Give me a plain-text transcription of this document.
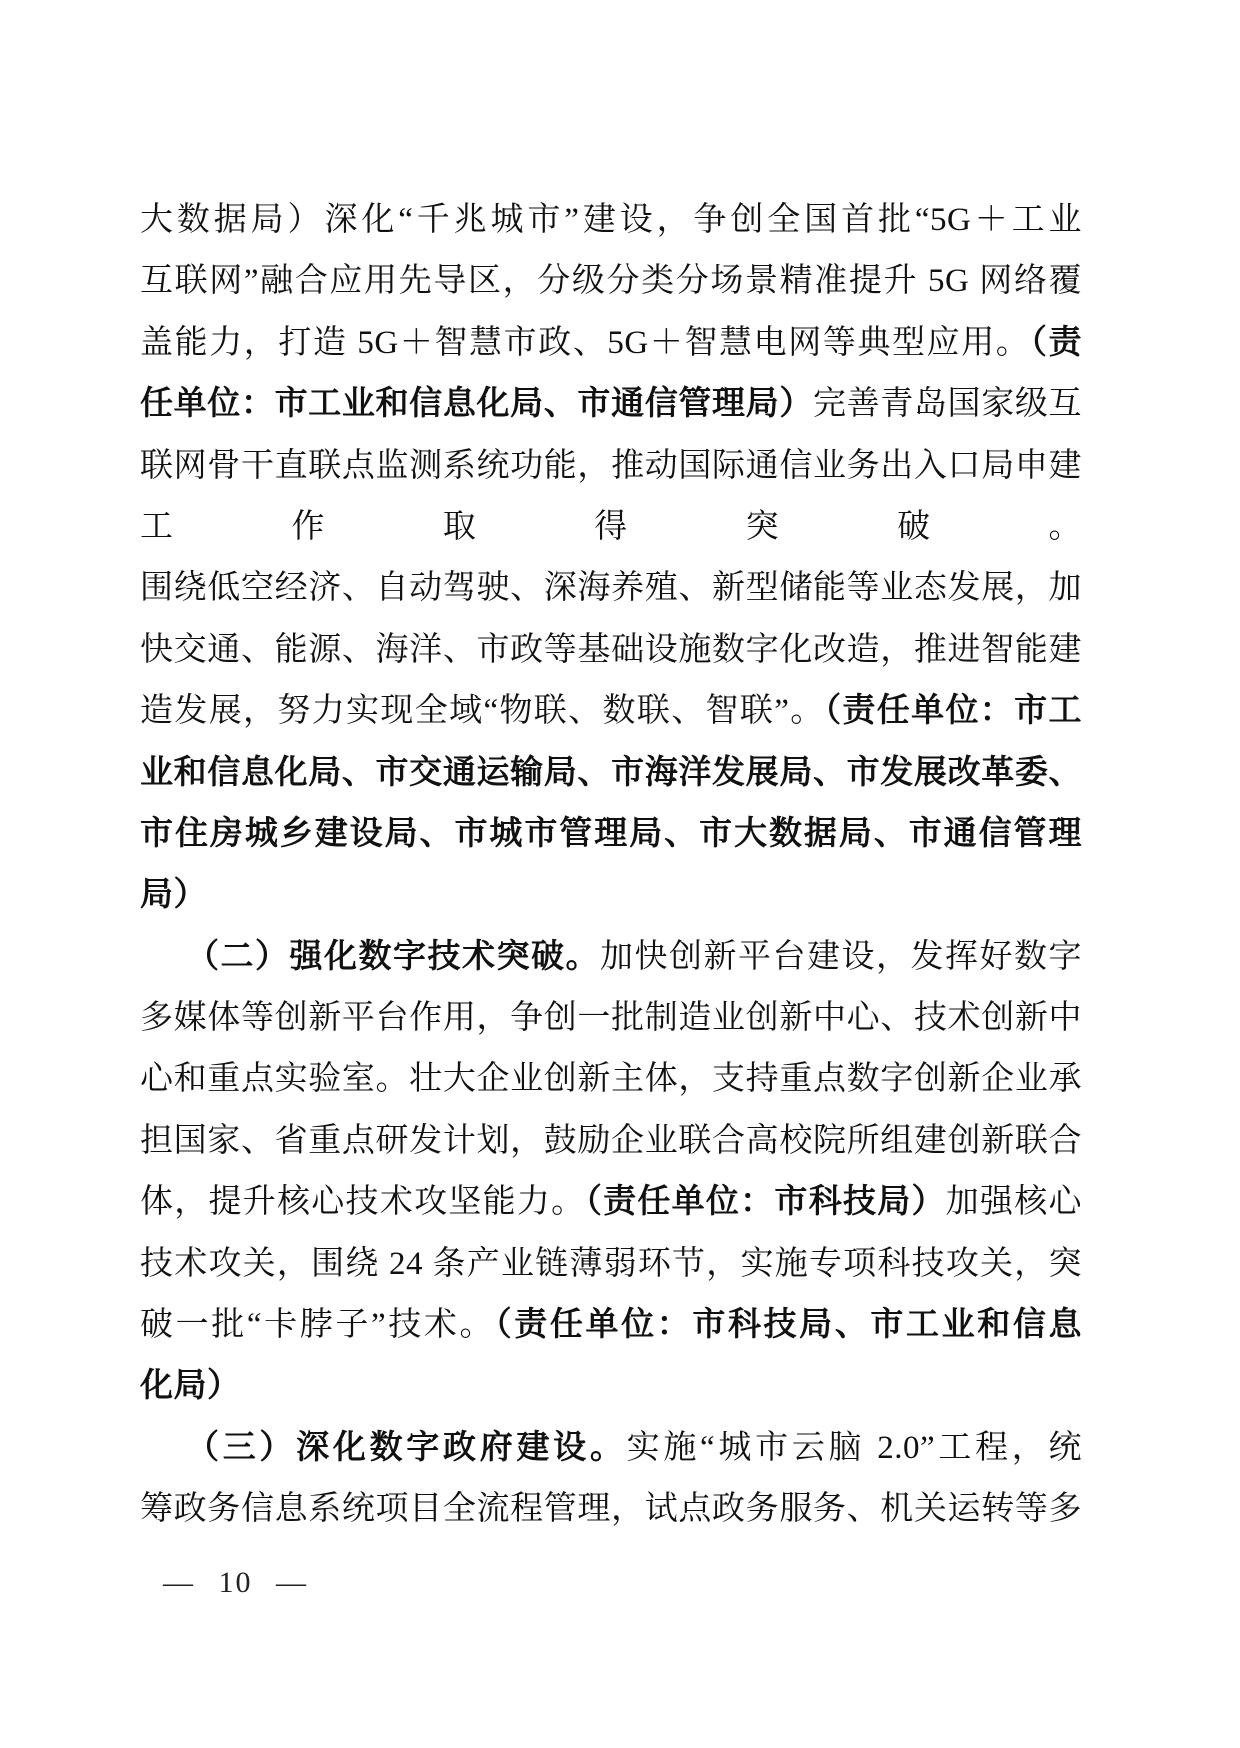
大数据局）深化“千兆城市”建设，争创全国首批“5G＋工业
互联网”融合应用先导区，分级分类分场景精准提升 5G 网络覆
盖能力，打造 5G＋智慧市政、5G＋智慧电网等典型应用。（责
任单位：市工业和信息化局、市通信管理局）完善青岛国家级互
联网骨干直联点监测系统功能，推动国际通信业务出入口局申建
工作取得突破。
围绕低空经济、自动驾驶、深海养殖、新型储能等业态发展，加
快交通、能源、海洋、市政等基础设施数字化改造，推进智能建
造发展，努力实现全域“物联、数联、智联”。（责任单位：市工
业和信息化局、市交通运输局、市海洋发展局、市发展改革委、
市住房城乡建设局、市城市管理局、市大数据局、市通信管理
局）
（二）强化数字技术突破。加快创新平台建设，发挥好数字
多媒体等创新平台作用，争创一批制造业创新中心、技术创新中
心和重点实验室。壮大企业创新主体，支持重点数字创新企业承
担国家、省重点研发计划，鼓励企业联合高校院所组建创新联合
体，提升核心技术攻坚能力。（责任单位：市科技局）加强核心
技术攻关，围绕 24 条产业链薄弱环节，实施专项科技攻关，突
破一批“卡脖子”技术。（责任单位：市科技局、市工业和信息
化局）
（三）深化数字政府建设。实施“城市云脑 2.0”工程，统
筹政务信息系统项目全流程管理，试点政务服务、机关运转等多
— 10 —
